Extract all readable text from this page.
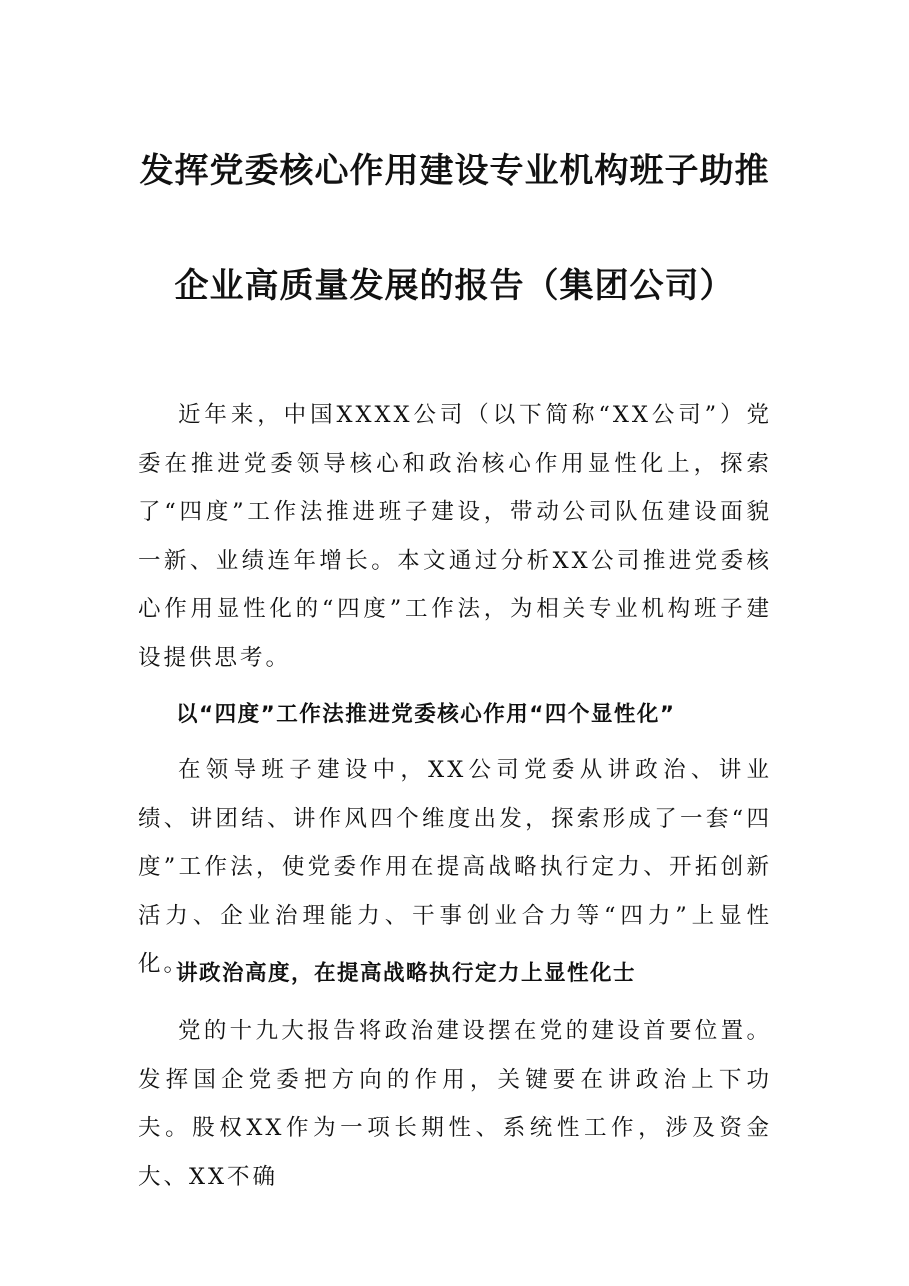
发挥党委核心作用建设专业机构班子助推
企业高质量发展的报告（集团公司）

近年来，中国XXXX公司（以下简称“XX公司”）党委在推进党委领导核心和政治核心作用显性化上，探索了“四度”工作法推进班子建设，带动公司队伍建设面貌一新、业绩连年增长。本文通过分析XX公司推进党委核心作用显性化的“四度”工作法，为相关专业机构班子建设提供思考。

以“四度”工作法推进党委核心作用“四个显性化”

在领导班子建设中，XX公司党委从讲政治、讲业绩、讲团结、讲作风四个维度出发，探索形成了一套“四度”工作法，使党委作用在提高战略执行定力、开拓创新活力、企业治理能力、干事创业合力等“四力”上显性化。

讲政治高度，在提高战略执行定力上显性化士

党的十九大报告将政治建设摆在党的建设首要位置。发挥国企党委把方向的作用，关键要在讲政治上下功夫。股权XX作为一项长期性、系统性工作，涉及资金大、XX不确
